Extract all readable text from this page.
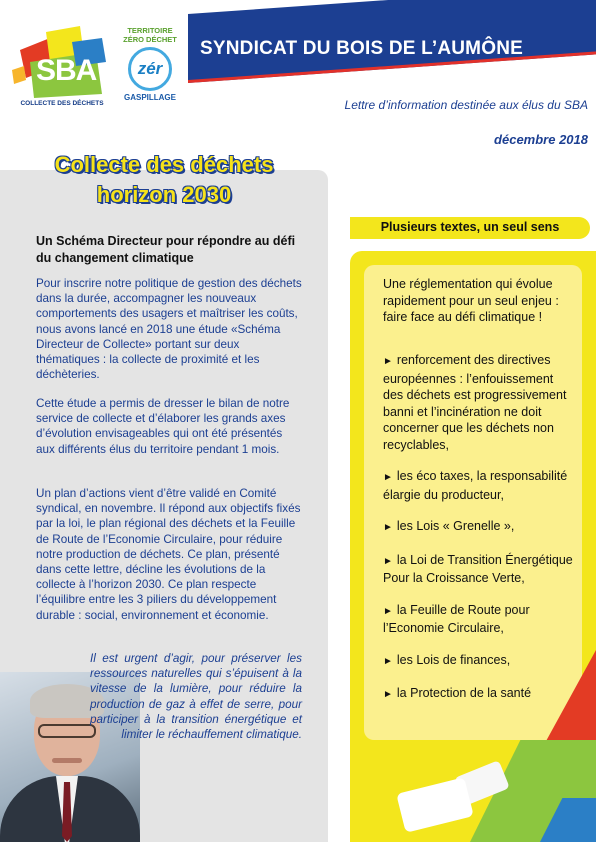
SBA
COLLECTE DES DÉCHETS
TERRITOIRE
ZÉRO DÉCHET
zér
GASPILLAGE
SYNDICAT DU BOIS DE L’AUMÔNE
Lettre d’information destinée aux élus du SBA
décembre 2018
Collecte des déchets
horizon 2030
Un Schéma Directeur pour répondre au défi du changement climatique

Pour inscrire notre politique de gestion des déchets dans la durée, accompagner les nouveaux comportements des usagers et maîtriser les coûts, nous avons lancé en 2018 une étude «Schéma Directeur de Collecte» portant sur deux thématiques : la collecte de proximité et les déchèteries.

Cette étude a permis de dresser le bilan de notre service de collecte et d’élaborer les grands axes d’évolution envisageables qui ont été présentés aux différents élus du territoire pendant 1 mois.

Un plan d’actions vient d’être validé en Comité syndical, en novembre. Il répond aux objectifs fixés par la loi, le plan régional des déchets et la Feuille de Route de l’Economie Circulaire, pour réduire notre production de déchets. Ce plan, présenté dans cette lettre, décline les évolutions de la collecte à l’horizon 2030. Ce plan respecte l’équilibre entre les 3 piliers du développement durable : social, environnement et économie.

Il est urgent d’agir, pour préserver les ressources naturelles qui s’épuisent à la vitesse de la lumière, pour réduire la production de gaz à effet de serre, pour participer à la transition énergétique et limiter le réchauffement climatique.
Plusieurs textes, un seul sens
Une réglementation qui évolue rapidement pour un seul enjeu : faire face au défi climatique !
► renforcement des directives européennes : l’enfouissement des déchets est progressivement banni et l’incinération ne doit concerner que les déchets non recyclables,
► les éco taxes, la responsabilité élargie du producteur,
► les Lois « Grenelle »,
► la Loi de Transition Énergétique Pour la Croissance Verte,
► la Feuille de Route pour l’Economie Circulaire,
► les Lois de finances,
► la Protection de la santé
